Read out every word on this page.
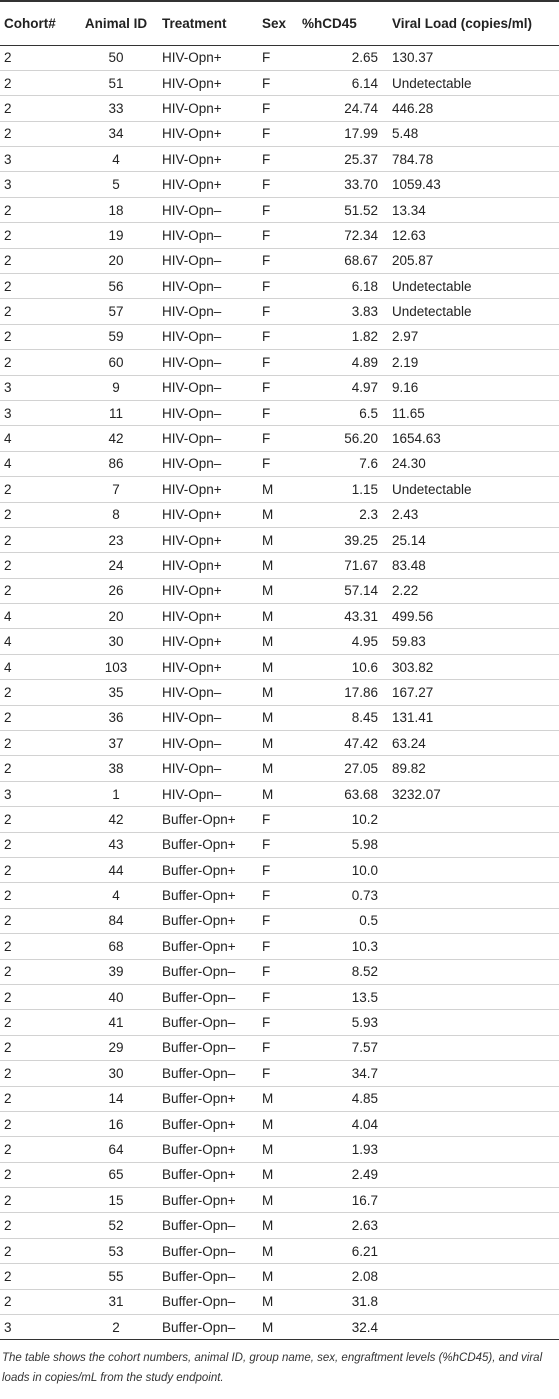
Cohort#	Animal ID	Treatment	Sex	%hCD45	Viral Load (copies/ml)
2	50	HIV-Opn+	F	2.65	130.37
2	51	HIV-Opn+	F	6.14	Undetectable
2	33	HIV-Opn+	F	24.74	446.28
2	34	HIV-Opn+	F	17.99	5.48
3	4	HIV-Opn+	F	25.37	784.78
3	5	HIV-Opn+	F	33.70	1059.43
2	18	HIV-Opn–	F	51.52	13.34
2	19	HIV-Opn–	F	72.34	12.63
2	20	HIV-Opn–	F	68.67	205.87
2	56	HIV-Opn–	F	6.18	Undetectable
2	57	HIV-Opn–	F	3.83	Undetectable
2	59	HIV-Opn–	F	1.82	2.97
2	60	HIV-Opn–	F	4.89	2.19
3	9	HIV-Opn–	F	4.97	9.16
3	11	HIV-Opn–	F	6.5	11.65
4	42	HIV-Opn–	F	56.20	1654.63
4	86	HIV-Opn–	F	7.6	24.30
2	7	HIV-Opn+	M	1.15	Undetectable
2	8	HIV-Opn+	M	2.3	2.43
2	23	HIV-Opn+	M	39.25	25.14
2	24	HIV-Opn+	M	71.67	83.48
2	26	HIV-Opn+	M	57.14	2.22
4	20	HIV-Opn+	M	43.31	499.56
4	30	HIV-Opn+	M	4.95	59.83
4	103	HIV-Opn+	M	10.6	303.82
2	35	HIV-Opn–	M	17.86	167.27
2	36	HIV-Opn–	M	8.45	131.41
2	37	HIV-Opn–	M	47.42	63.24
2	38	HIV-Opn–	M	27.05	89.82
3	1	HIV-Opn–	M	63.68	3232.07
2	42	Buffer-Opn+	F	10.2	
2	43	Buffer-Opn+	F	5.98	
2	44	Buffer-Opn+	F	10.0	
2	4	Buffer-Opn+	F	0.73	
2	84	Buffer-Opn+	F	0.5	
2	68	Buffer-Opn+	F	10.3	
2	39	Buffer-Opn–	F	8.52	
2	40	Buffer-Opn–	F	13.5	
2	41	Buffer-Opn–	F	5.93	
2	29	Buffer-Opn–	F	7.57	
2	30	Buffer-Opn–	F	34.7	
2	14	Buffer-Opn+	M	4.85	
2	16	Buffer-Opn+	M	4.04	
2	64	Buffer-Opn+	M	1.93	
2	65	Buffer-Opn+	M	2.49	
2	15	Buffer-Opn+	M	16.7	
2	52	Buffer-Opn–	M	2.63	
2	53	Buffer-Opn–	M	6.21	
2	55	Buffer-Opn–	M	2.08	
2	31	Buffer-Opn–	M	31.8	
3	2	Buffer-Opn–	M	32.4	
The table shows the cohort numbers, animal ID, group name, sex, engraftment levels (%hCD45), and viral loads in copies/mL from the study endpoint.
